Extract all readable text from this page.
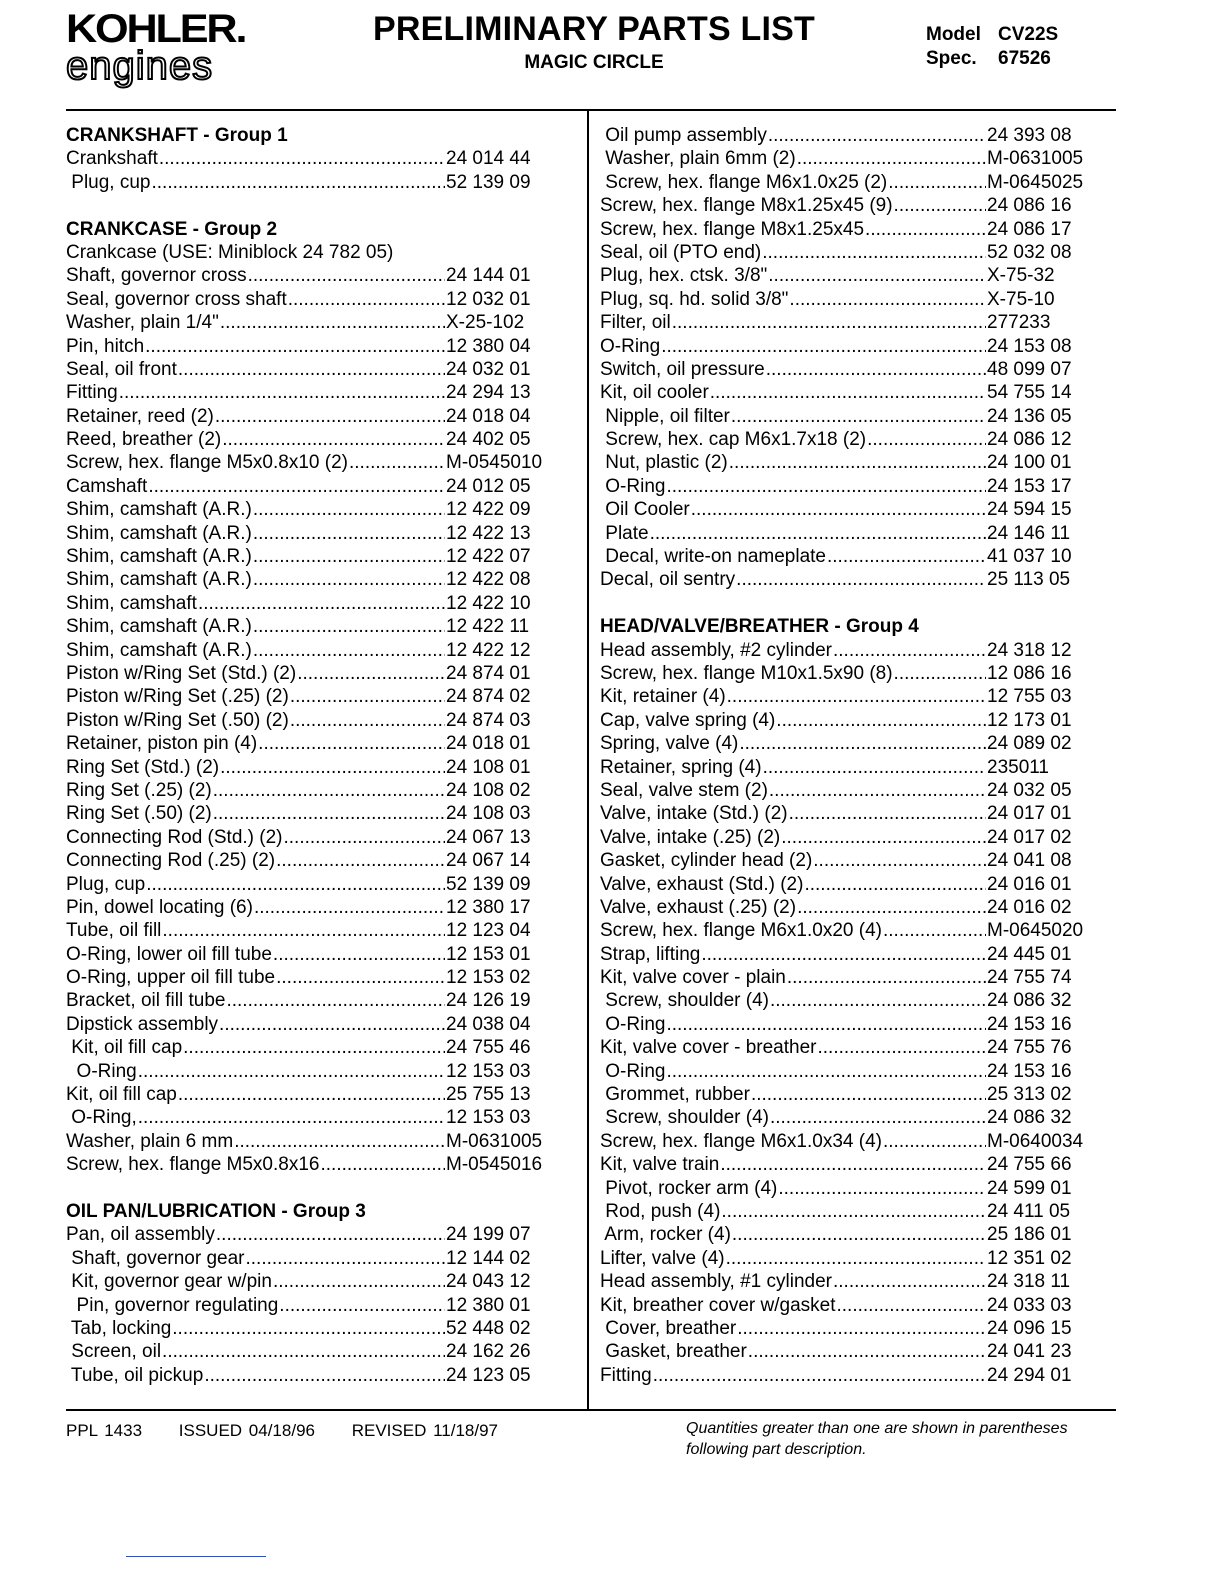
KOHLER.
engines
PRELIMINARY PARTS LIST
MAGIC CIRCLE
Model CV22S
Spec. 67526
CRANKSHAFT - Group 1
Crankshaft .....	24 014 44
Plug, cup .....	52 139 09
CRANKCASE - Group 2
Crankcase (USE: Miniblock 24 782 05)
Shaft, governor cross .....	24 144 01
Seal, governor cross shaft .....	12 032 01
Washer, plain 1/4" .....	X-25-102
Pin, hitch .....	12 380 04
Seal, oil front .....	24 032 01
Fitting .....	24 294 13
Retainer, reed (2) .....	24 018 04
Reed, breather (2) .....	24 402 05
Screw, hex. flange M5x0.8x10 (2) .....	M-0545010
Camshaft .....	24 012 05
Shim, camshaft (A.R.) .....	12 422 09
Shim, camshaft (A.R.) .....	12 422 13
Shim, camshaft (A.R.) .....	12 422 07
Shim, camshaft (A.R.) .....	12 422 08
Shim, camshaft .....	12 422 10
Shim, camshaft (A.R.) .....	12 422 11
Shim, camshaft (A.R.) .....	12 422 12
Piston w/Ring Set (Std.) (2) .....	24 874 01
Piston w/Ring Set (.25) (2) .....	24 874 02
Piston w/Ring Set (.50) (2) .....	24 874 03
Retainer, piston pin (4) .....	24 018 01
Ring Set (Std.) (2) .....	24 108 01
Ring Set (.25) (2) .....	24 108 02
Ring Set (.50) (2) .....	24 108 03
Connecting Rod (Std.) (2) .....	24 067 13
Connecting Rod (.25) (2) .....	24 067 14
Plug, cup .....	52 139 09
Pin, dowel locating (6) .....	12 380 17
Tube, oil fill .....	12 123 04
O-Ring, lower oil fill tube .....	12 153 01
O-Ring, upper oil fill tube .....	12 153 02
Bracket, oil fill tube .....	24 126 19
Dipstick assembly .....	24 038 04
Kit, oil fill cap .....	24 755 46
O-Ring .....	12 153 03
Kit, oil fill cap .....	25 755 13
O-Ring, .....	12 153 03
Washer, plain 6 mm .....	M-0631005
Screw, hex. flange M5x0.8x16 .....	M-0545016
OIL PAN/LUBRICATION - Group 3
Pan, oil assembly .....	24 199 07
Shaft, governor gear .....	12 144 02
Kit, governor gear w/pin .....	24 043 12
Pin, governor regulating .....	12 380 01
Tab, locking .....	52 448 02
Screen, oil .....	24 162 26
Tube, oil pickup .....	24 123 05
Oil pump assembly .....	24 393 08
Washer, plain 6mm (2) .....	M-0631005
Screw, hex. flange M6x1.0x25 (2) .....	M-0645025
Screw, hex. flange M8x1.25x45 (9) .....	24 086 16
Screw, hex. flange M8x1.25x45 .....	24 086 17
Seal, oil (PTO end) .....	52 032 08
Plug, hex. ctsk. 3/8" .....	X-75-32
Plug, sq. hd. solid 3/8" .....	X-75-10
Filter, oil .....	277233
O-Ring .....	24 153 08
Switch, oil pressure .....	48 099 07
Kit, oil cooler .....	54 755 14
Nipple, oil filter .....	24 136 05
Screw, hex. cap M6x1.7x18 (2) .....	24 086 12
Nut, plastic (2) .....	24 100 01
O-Ring .....	24 153 17
Oil Cooler .....	24 594 15
Plate .....	24 146 11
Decal, write-on nameplate .....	41 037 10
Decal, oil sentry .....	25 113 05
HEAD/VALVE/BREATHER - Group 4
Head assembly, #2 cylinder .....	24 318 12
Screw, hex. flange M10x1.5x90 (8) .....	12 086 16
Kit, retainer (4) .....	12 755 03
Cap, valve spring (4) .....	12 173 01
Spring, valve (4) .....	24 089 02
Retainer, spring (4) .....	235011
Seal, valve stem (2) .....	24 032 05
Valve, intake (Std.) (2) .....	24 017 01
Valve, intake (.25) (2) .....	24 017 02
Gasket, cylinder head (2) .....	24 041 08
Valve, exhaust (Std.) (2) .....	24 016 01
Valve, exhaust (.25) (2) .....	24 016 02
Screw, hex. flange M6x1.0x20 (4) .....	M-0645020
Strap, lifting .....	24 445 01
Kit, valve cover - plain .....	24 755 74
Screw, shoulder (4) .....	24 086 32
O-Ring .....	24 153 16
Kit, valve cover - breather .....	24 755 76
O-Ring .....	24 153 16
Grommet, rubber .....	25 313 02
Screw, shoulder (4) .....	24 086 32
Screw, hex. flange M6x1.0x34 (4) .....	M-0640034
Kit, valve train .....	24 755 66
Pivot, rocker arm (4) .....	24 599 01
Rod, push (4) .....	24 411 05
Arm, rocker (4) .....	25 186 01
Lifter, valve (4) .....	12 351 02
Head assembly, #1 cylinder .....	24 318 11
Kit, breather cover w/gasket .....	24 033 03
Cover, breather .....	24 096 15
Gasket, breather .....	24 041 23
Fitting .....	24 294 01
PPL 1433 ISSUED 04/18/96 REVISED 11/18/97	Quantities greater than one are shown in parentheses
following part description.
